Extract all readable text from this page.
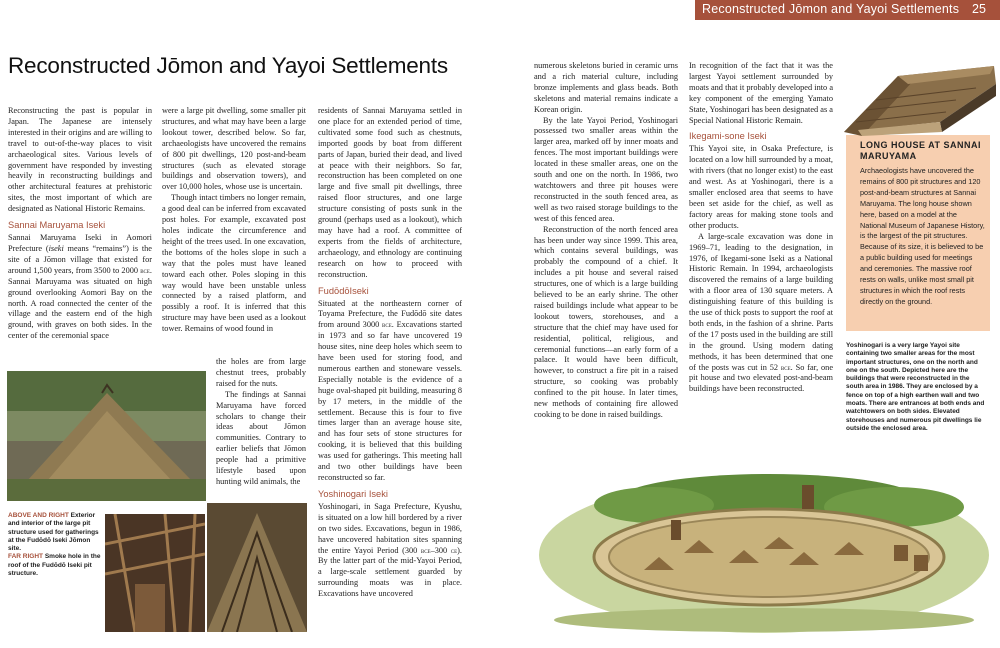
Reconstructed Jōmon and Yayoi Settlements 25
Reconstructed Jōmon and Yayoi Settlements

Reconstructing the past is popular in Japan. The Japanese are intensely interested in their origins and are willing to travel to out-of-the-way places to visit archaeological sites. Various levels of government have responded by investing heavily in reconstructing buildings and other architectural features at prehistoric sites, the most important of which are designated as National Historic Remains.

Sannai Maruyama Iseki

Sannai Maruyama Iseki in Aomori Prefecture (iseki means “remains”) is the site of a Jōmon village that existed for around 1,500 years, from 3500 to 2000 bce. Sannai Maruyama was situated on high ground overlooking Aomori Bay on the north. A road connected the center of the village and the eastern end of the high ground, with graves on both sides. In the center of the ceremonial space

were a large pit dwelling, some smaller pit structures, and what may have been a large lookout tower, described below. So far, archaeologists have uncovered the remains of 800 pit dwellings, 120 post-and-beam structures (such as elevated storage buildings and observation towers), and over 10,000 holes, whose use is uncertain.

Though intact timbers no longer remain, a good deal can be inferred from excavated post holes. For example, excavated post holes indicate the circumference and height of the trees used. In one excavation, the bottoms of the holes slope in such a way that the poles must have leaned toward each other. Poles sloping in this way would have been unstable unless connected by a raised platform, and possibly a roof. It is inferred that this structure may have been used as a lookout tower. Remains of wood found in

the holes are from large chestnut trees, probably raised for the nuts.

The findings at Sannai Maruyama have forced scholars to change their ideas about Jōmon communities. Contrary to earlier beliefs that Jōmon people had a primitive lifestyle based upon hunting wild animals, the

residents of Sannai Maruyama settled in one place for an extended period of time, cultivated some food such as chestnuts, imported goods by boat from different parts of Japan, buried their dead, and lived at peace with their neighbors. So far, reconstruction has been completed on one large and five small pit dwellings, three raised floor structures, and one large structure consisting of posts sunk in the ground (perhaps used as a lookout), which may have had a roof. A committee of experts from the fields of architecture, archaeology, and ethnology are continuing research on how to proceed with reconstruction.

FudōdōIseki

Situated at the northeastern corner of Toyama Prefecture, the Fudōdō site dates from around 3000 bce. Excavations started in 1973 and so far have uncovered 19 house sites, nine deep holes which seem to have been used for storing food, and numerous earthen and stoneware vessels. Especially notable is the evidence of a huge oval-shaped pit building, measuring 8 by 17 meters, in the middle of the settlement. Because this is four to five times larger than an average house site, and has four sets of stone structures for cooking, it is believed that this building was used for gatherings. This meeting hall and two other buildings have been reconstructed so far.

Yoshinogari Iseki

Yoshinogari, in Saga Prefecture, Kyushu, is situated on a low hill bordered by a river on two sides. Excavations, begun in 1986, have uncovered habitation sites spanning the entire Yayoi Period (300 bce–300 ce). By the latter part of the mid-Yayoi Period, a large-scale settlement guarded by surrounding moats was in place. Excavations have uncovered

numerous skeletons buried in ceramic urns and a rich material culture, including bronze implements and glass beads. Both skeletons and material remains indicate a Korean origin.

By the late Yayoi Period, Yoshinogari possessed two smaller areas within the larger area, marked off by inner moats and fences. The most important buildings were located in these smaller areas, one on the south and one on the north. In 1986, two watchtowers and three pit houses were reconstructed in the south fenced area, as well as two raised storage buildings to the west of this fenced area.

Reconstruction of the north fenced area has been under way since 1999. This area, which contains several buildings, was probably the compound of a chief. It includes a pit house and several raised structures, one of which is a large building believed to be an early shrine. The other raised buildings include what appear to be lookout towers, storehouses, and a structure that the chief may have used for residential, political, religious, and ceremonial functions—an early form of a palace. It would have been difficult, however, to construct a fire pit in a raised structure, so cooking was probably confined to the pit house. In later times, new methods of containing fire allowed cooking to be done in raised buildings.

In recognition of the fact that it was the largest Yayoi settlement surrounded by moats and that it probably developed into a key component of the emerging Yamato State, Yoshinogari has been designated as a Special National Historic Remain.

Ikegami-sone Iseki

This Yayoi site, in Osaka Prefecture, is located on a low hill surrounded by a moat, with rivers (that no longer exist) to the east and west. As at Yoshinogari, there is a smaller enclosed area that seems to have been set aside for the chief, as well as factory areas for making stone tools and other products.

A large-scale excavation was done in 1969–71, leading to the designation, in 1976, of Ikegami-sone Iseki as a National Historic Remain. In 1994, archaeologists discovered the remains of a large building with a floor area of 130 square meters. A distinguishing feature of this building is the use of thick posts to support the roof at both ends, in the fashion of a shrine. Parts of the 17 posts used in the building are still in the ground. Using modern dating methods, it has been determined that one of the posts was cut in 52 bce. So far, one pit house and two elevated post-and-beam buildings have been reconstructed.

LONG HOUSE AT SANNAI MARUYAMA
Archaeologists have uncovered the remains of 800 pit structures and 120 post-and-beam structures at Sannai Maruyama. The long house shown here, based on a model at the National Museum of Japanese History, is the largest of the pit structures. Because of its size, it is believed to be a public building used for meetings and ceremonies. The massive roof rests on walls, unlike most small pit structures in which the roof rests directly on the ground.
Yoshinogari is a very large Yayoi site containing two smaller areas for the most important structures, one on the north and one on the south. Depicted here are the buildings that were reconstructed in the south area in 1986. They are enclosed by a fence on top of a high earthen wall and two moats. There are entrances at both ends and watchtowers on both sides. Elevated storehouses and numerous pit dwellings lie outside the enclosed area.
ABOVE AND RIGHT Exterior and interior of the large pit structure used for gatherings at the Fudōdō Iseki Jōmon site.
FAR RIGHT Smoke hole in the roof of the Fudōdō Iseki pit structure.
